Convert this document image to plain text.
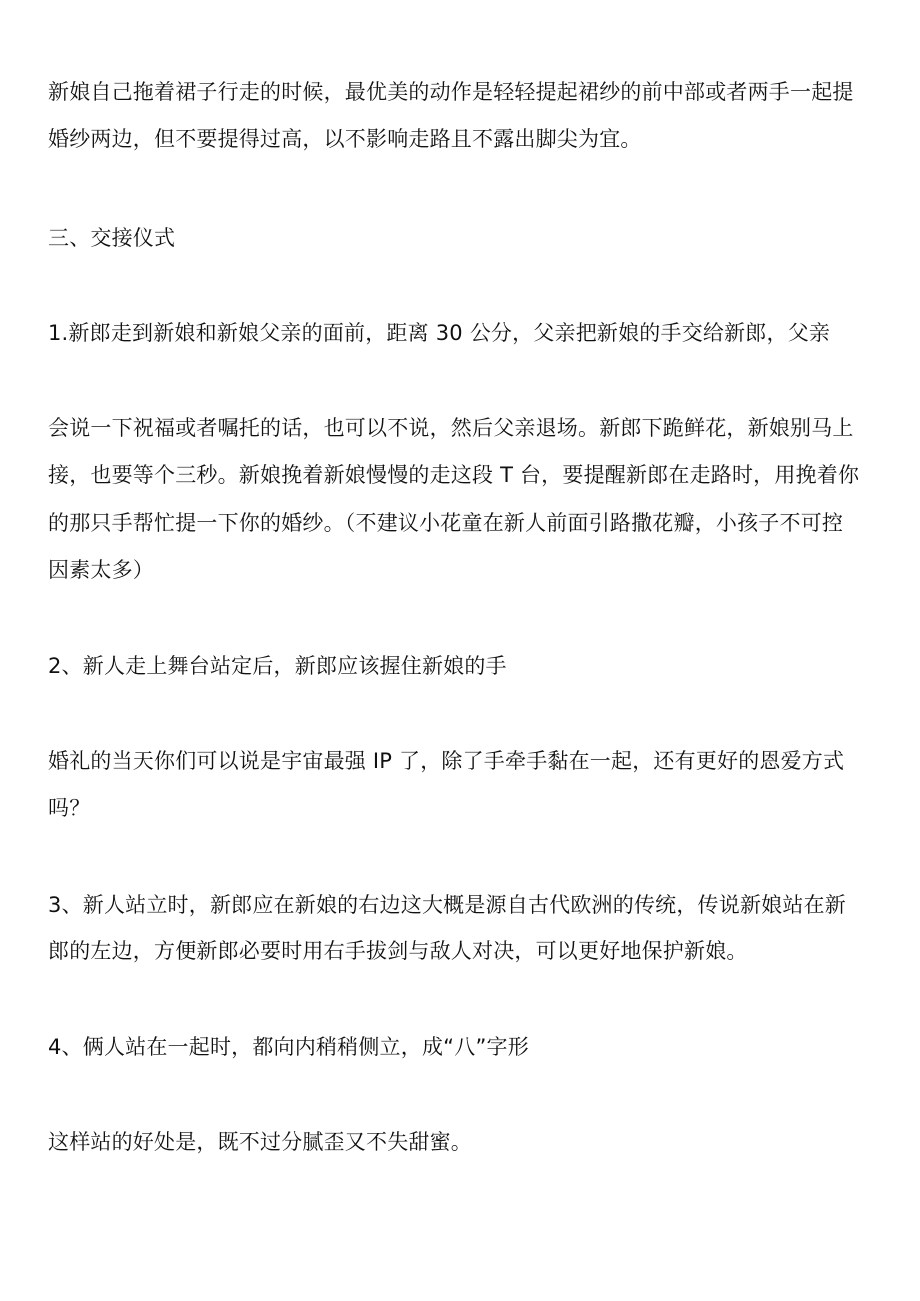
新娘自己拖着裙子行走的时候，最优美的动作是轻轻提起裙纱的前中部或者两手一起提
婚纱两边，但不要提得过高，以不影响走路且不露出脚尖为宜。
三、交接仪式
1.新郎走到新娘和新娘父亲的面前，距离 30 公分，父亲把新娘的手交给新郎，父亲
会说一下祝福或者嘱托的话，也可以不说，然后父亲退场。新郎下跪鲜花，新娘别马上
接，也要等个三秒。新娘挽着新娘慢慢的走这段 T 台，要提醒新郎在走路时，用挽着你
的那只手帮忙提一下你的婚纱。（不建议小花童在新人前面引路撒花瓣，小孩子不可控
因素太多）
2、新人走上舞台站定后，新郎应该握住新娘的手
婚礼的当天你们可以说是宇宙最强 IP 了，除了手牵手黏在一起，还有更好的恩爱方式
吗？
3、新人站立时，新郎应在新娘的右边这大概是源自古代欧洲的传统，传说新娘站在新
郎的左边，方便新郎必要时用右手拔剑与敌人对决，可以更好地保护新娘。
4、俩人站在一起时，都向内稍稍侧立，成“八”字形
这样站的好处是，既不过分腻歪又不失甜蜜。
